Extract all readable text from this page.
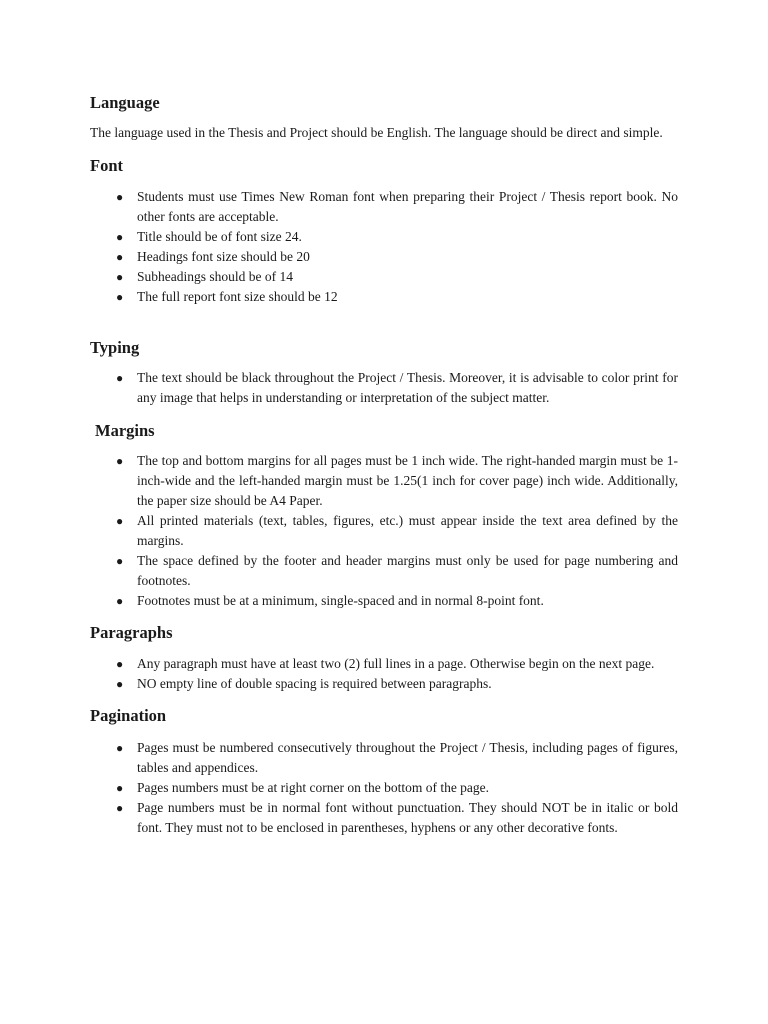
Language

The language used in the Thesis and Project should be English. The language should be direct and simple.

Font
● Students must use Times New Roman font when preparing their Project / Thesis report book. No other fonts are acceptable.
● Title should be of font size 24.
● Headings font size should be 20
● Subheadings should be of 14
● The full report font size should be 12
Typing
● The text should be black throughout the Project / Thesis. Moreover, it is advisable to color print for any image that helps in understanding or interpretation of the subject matter.
Margins
● The top and bottom margins for all pages must be 1 inch wide. The right-handed margin must be 1-inch-wide and the left-handed margin must be 1.25(1 inch for cover page) inch wide. Additionally, the paper size should be A4 Paper.
● All printed materials (text, tables, figures, etc.) must appear inside the text area defined by the margins.
● The space defined by the footer and header margins must only be used for page numbering and footnotes.
● Footnotes must be at a minimum, single-spaced and in normal 8-point font.
Paragraphs
● Any paragraph must have at least two (2) full lines in a page. Otherwise begin on the next page.
● NO empty line of double spacing is required between paragraphs.
Pagination
● Pages must be numbered consecutively throughout the Project / Thesis, including pages of figures, tables and appendices.
● Pages numbers must be at right corner on the bottom of the page.
● Page numbers must be in normal font without punctuation. They should NOT be in italic or bold font. They must not to be enclosed in parentheses, hyphens or any other decorative fonts.
